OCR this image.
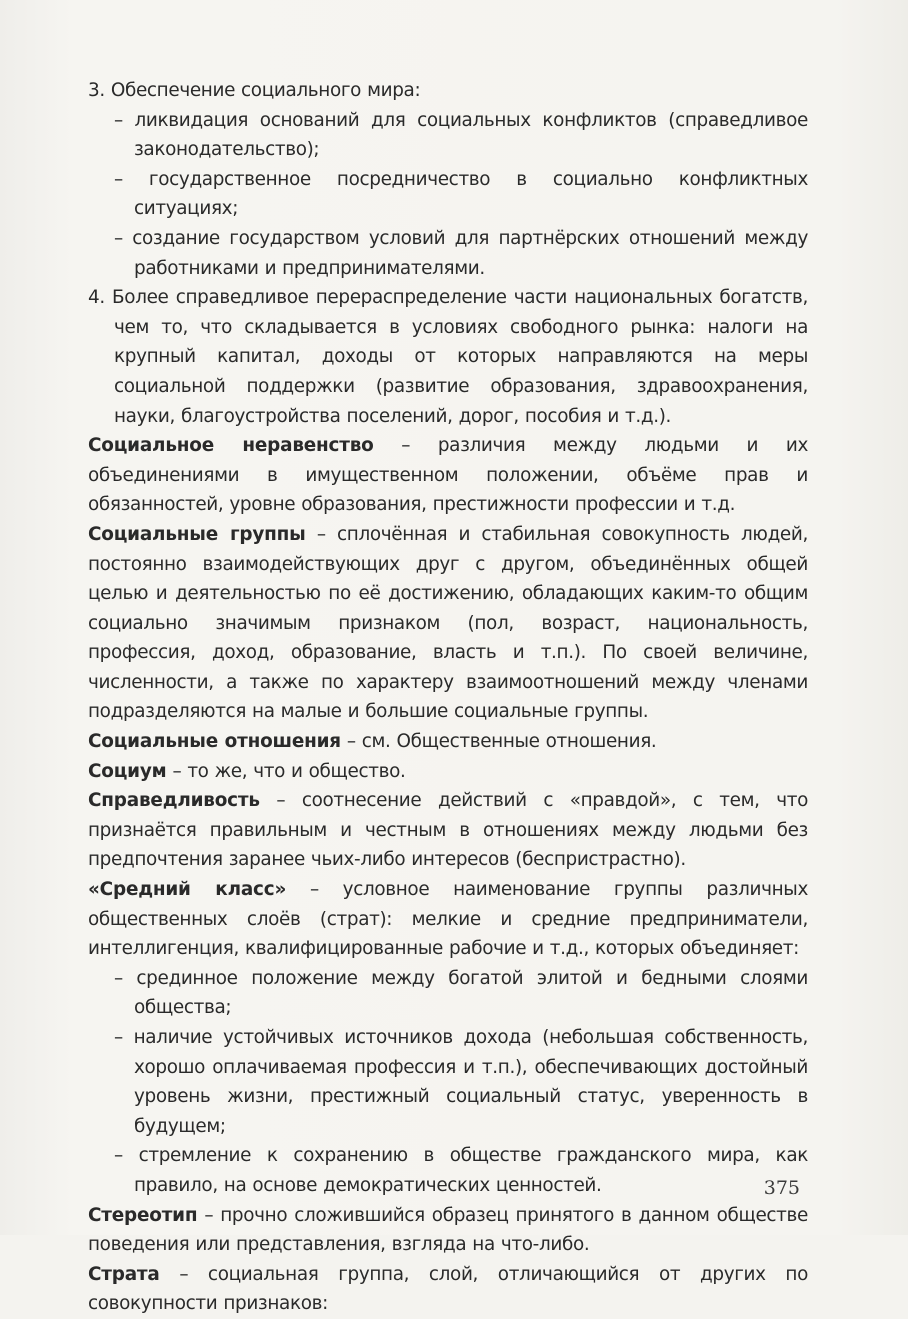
3. Обеспечение социального мира:

– ликвидация оснований для социальных конфликтов (справедливое законодательство);

– государственное посредничество в социально конфликтных ситуациях;

– создание государством условий для партнёрских отношений между работниками и предпринимателями.

4. Более справедливое перераспределение части национальных богатств, чем то, что складывается в условиях свободного рынка: налоги на крупный капитал, доходы от которых направляются на меры социальной поддержки (развитие образования, здравоохранения, науки, благоустройства поселений, дорог, пособия и т.д.).

Социальное неравенство – различия между людьми и их объединениями в имущественном положении, объёме прав и обязанностей, уровне образования, престижности профессии и т.д.

Социальные группы – сплочённая и стабильная совокупность людей, постоянно взаимодействующих друг с другом, объединённых общей целью и деятельностью по её достижению, обладающих каким-то общим социально значимым признаком (пол, возраст, национальность, профессия, доход, образование, власть и т.п.). По своей величине, численности, а также по характеру взаимоотношений между членами подразделяются на малые и большие социальные группы.

Социальные отношения – см. Общественные отношения.

Социум – то же, что и общество.

Справедливость – соотнесение действий с «правдой», с тем, что признаётся правильным и честным в отношениях между людьми без предпочтения заранее чьих-либо интересов (беспристрастно).

«Средний класс» – условное наименование группы различных общественных слоёв (страт): мелкие и средние предприниматели, интеллигенция, квалифицированные рабочие и т.д., которых объединяет:

– срединное положение между богатой элитой и бедными слоями общества;

– наличие устойчивых источников дохода (небольшая собственность, хорошо оплачиваемая профессия и т.п.), обеспечивающих достойный уровень жизни, престижный социальный статус, уверенность в будущем;

– стремление к сохранению в обществе гражданского мира, как правило, на основе демократических ценностей.

Стереотип – прочно сложившийся образец принятого в данном обществе поведения или представления, взгляда на что-либо.

Страта – социальная группа, слой, отличающийся от других по совокупности признаков:

375
